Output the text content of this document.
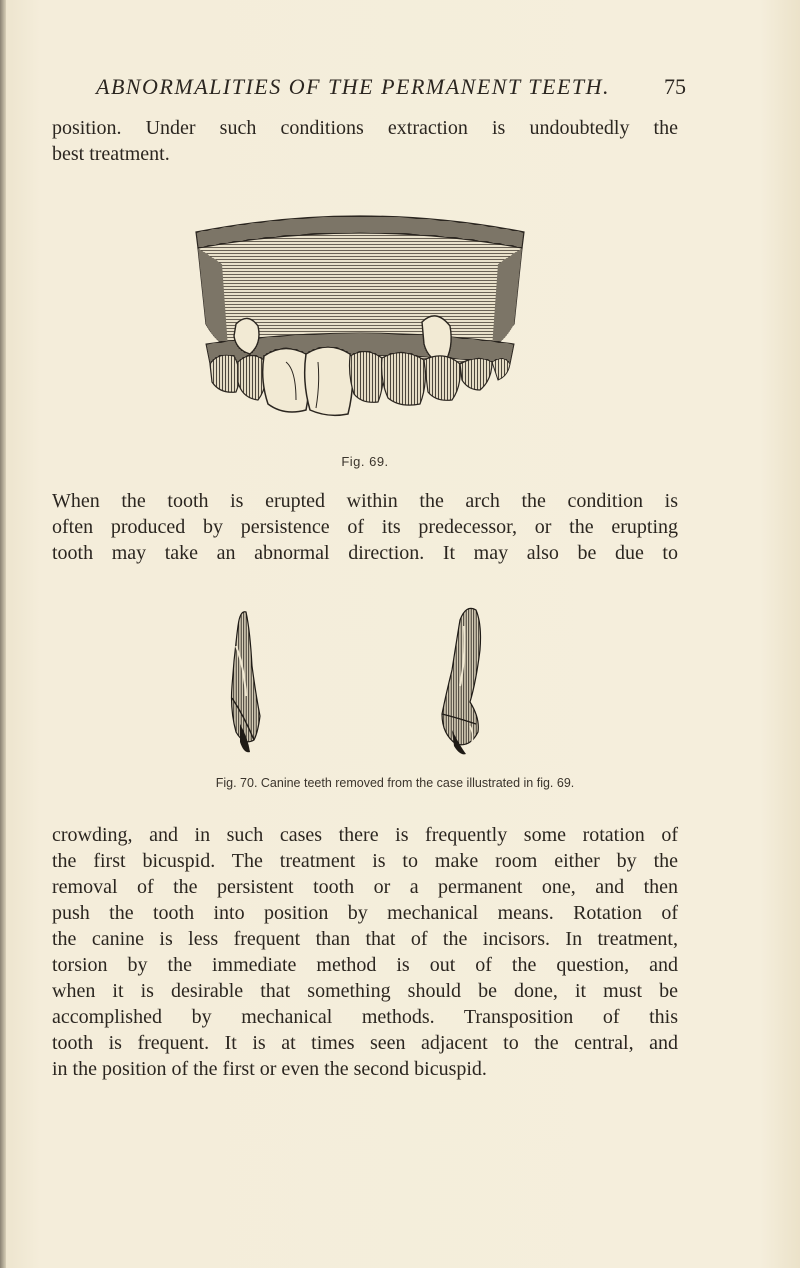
ABNORMALITIES OF THE PERMANENT TEETH. 75

position. Under such conditions extraction is undoubtedly the
best treatment.

Fig. 69.

When the tooth is erupted within the arch the condition is
often produced by persistence of its predecessor, or the erupting
tooth may take an abnormal direction. It may also be due to

Fig. 70. Canine teeth removed from the case illustrated in fig. 69.

crowding, and in such cases there is frequently some rotation of
the first bicuspid. The treatment is to make room either by the
removal of the persistent tooth or a permanent one, and then
push the tooth into position by mechanical means. Rotation of
the canine is less frequent than that of the incisors. In treatment,
torsion by the immediate method is out of the question, and
when it is desirable that something should be done, it must be
accomplished by mechanical methods. Transposition of this
tooth is frequent. It is at times seen adjacent to the central, and
in the position of the first or even the second bicuspid.
